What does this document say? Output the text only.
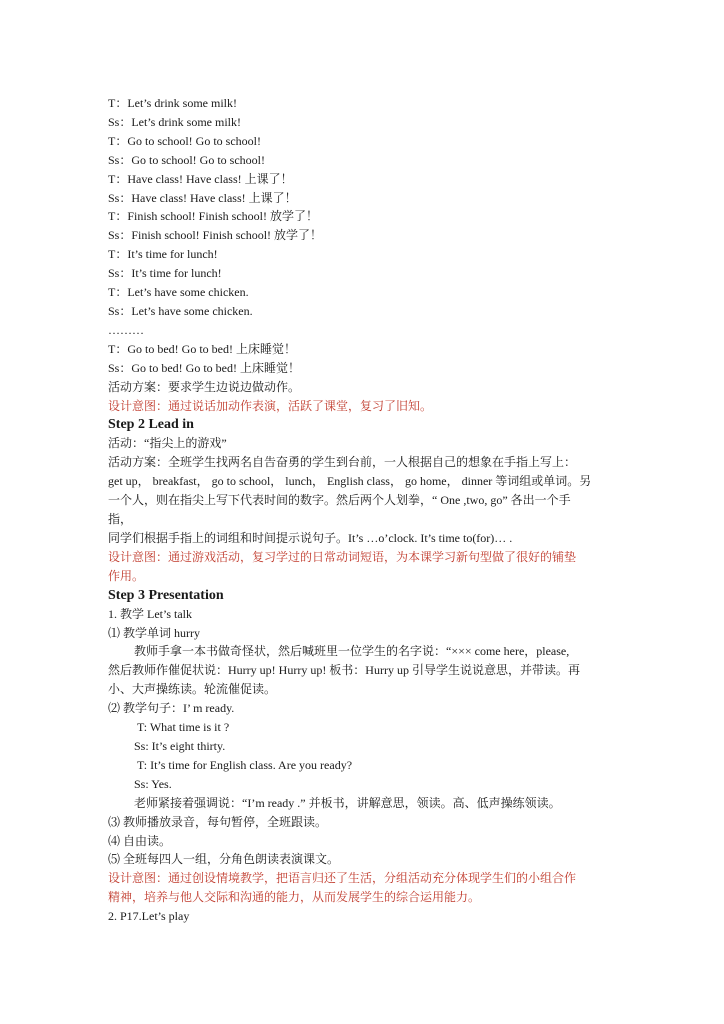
T：Let’s drink some milk!

Ss：Let’s drink some milk!

T：Go to school! Go to school!

Ss：Go to school! Go to school!

T：Have class! Have class! 上课了！

Ss：Have class! Have class! 上课了！

T：Finish school! Finish school! 放学了！

Ss：Finish school! Finish school! 放学了！

T：It’s time for lunch!

Ss：It’s time for lunch!

T：Let’s have some chicken.

Ss：Let’s have some chicken.

………

T：Go to bed! Go to bed! 上床睡觉！

Ss：Go to bed! Go to bed! 上床睡觉！

活动方案：要求学生边说边做动作。

设计意图：通过说话加动作表演，活跃了课堂，复习了旧知。

Step 2 Lead in

活动：“指尖上的游戏”

活动方案：全班学生找两名自告奋勇的学生到台前，一人根据自己的想象在手指上写上：

get up， breakfast， go to school， lunch， English class， go home， dinner 等词组或单词。另

一个人，则在指尖上写下代表时间的数字。然后两个人划拳，“ One ,two, go” 各出一个手

指，

同学们根据手指上的词组和时间提示说句子。It’s …o’clock. It’s time to(for)… .

设计意图：通过游戏活动，复习学过的日常动词短语，为本课学习新句型做了很好的铺垫

作用。

Step 3 Presentation

1. 教学 Let’s talk

⑴ 教学单词 hurry

教师手拿一本书做奇怪状，然后喊班里一位学生的名字说：“××× come here，please,

然后教师作催促状说：Hurry up! Hurry up! 板书：Hurry up 引导学生说说意思，并带读。再

小、大声操练读。轮流催促读。

⑵ 教学句子：I’ m ready.

T: What time is it ?

Ss: It’s eight thirty.

T: It’s time for English class. Are you ready?

Ss: Yes.

老师紧接着强调说：“I’m ready .” 并板书，讲解意思，领读。高、低声操练领读。

⑶ 教师播放录音，每句暂停，全班跟读。

⑷ 自由读。

⑸ 全班每四人一组，分角色朗读表演课文。

设计意图：通过创设情境教学，把语言归还了生活，分组活动充分体现学生们的小组合作

精神，培养与他人交际和沟通的能力，从而发展学生的综合运用能力。

2. P17.Let’s play
